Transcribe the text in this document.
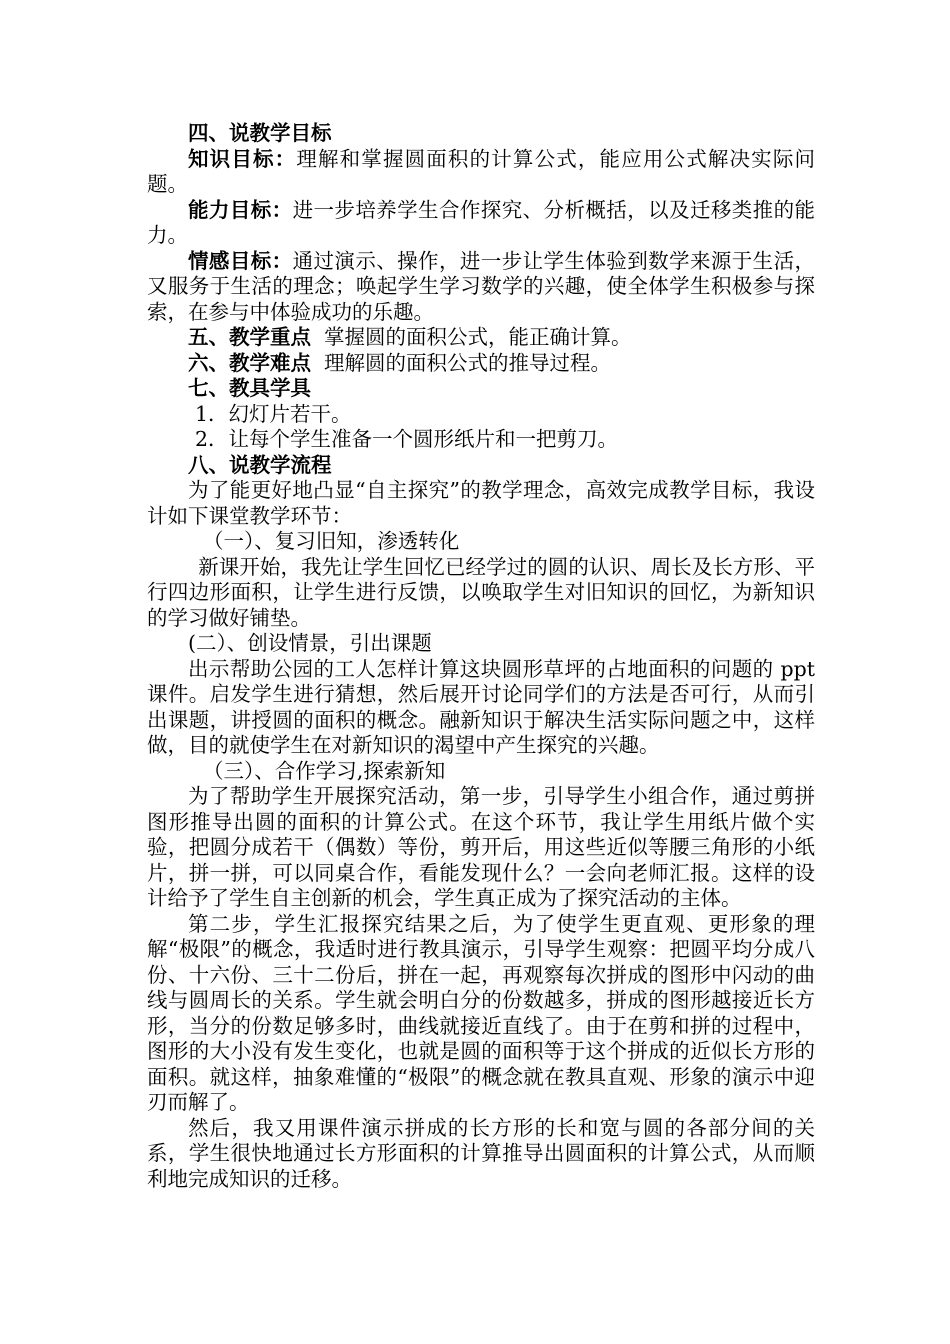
四、说教学目标

知识目标：理解和掌握圆面积的计算公式，能应用公式解决实际问题。

能力目标：进一步培养学生合作探究、分析概括，以及迁移类推的能力。

情感目标：通过演示、操作，进一步让学生体验到数学来源于生活，又服务于生活的理念；唤起学生学习数学的兴趣，使全体学生积极参与探索，在参与中体验成功的乐趣。

五、教学重点 掌握圆的面积公式，能正确计算。

六、教学难点 理解圆的面积公式的推导过程。

七、教具学具

1．幻灯片若干。

2．让每个学生准备一个圆形纸片和一把剪刀。

八、说教学流程

为了能更好地凸显“自主探究”的教学理念，高效完成教学目标，我设计如下课堂教学环节：

（一）、复习旧知，渗透转化

新课开始，我先让学生回忆已经学过的圆的认识、周长及长方形、平行四边形面积，让学生进行反馈，以唤取学生对旧知识的回忆，为新知识的学习做好铺垫。

(二）、创设情景，引出课题

出示帮助公园的工人怎样计算这块圆形草坪的占地面积的问题的 ppt 课件。启发学生进行猜想，然后展开讨论同学们的方法是否可行，从而引出课题，讲授圆的面积的概念。融新知识于解决生活实际问题之中，这样做，目的就使学生在对新知识的渴望中产生探究的兴趣。

（三）、合作学习,探索新知

为了帮助学生开展探究活动，第一步，引导学生小组合作，通过剪拼图形推导出圆的面积的计算公式。在这个环节，我让学生用纸片做个实验，把圆分成若干（偶数）等份，剪开后，用这些近似等腰三角形的小纸片，拼一拼，可以同桌合作，看能发现什么？一会向老师汇报。这样的设计给予了学生自主创新的机会，学生真正成为了探究活动的主体。

第二步，学生汇报探究结果之后，为了使学生更直观、更形象的理解“极限”的概念，我适时进行教具演示，引导学生观察：把圆平均分成八份、十六份、三十二份后，拼在一起，再观察每次拼成的图形中闪动的曲线与圆周长的关系。学生就会明白分的份数越多，拼成的图形越接近长方形，当分的份数足够多时，曲线就接近直线了。由于在剪和拼的过程中，图形的大小没有发生变化，也就是圆的面积等于这个拼成的近似长方形的面积。就这样，抽象难懂的“极限”的概念就在教具直观、形象的演示中迎刃而解了。

然后，我又用课件演示拼成的长方形的长和宽与圆的各部分间的关系，学生很快地通过长方形面积的计算推导出圆面积的计算公式，从而顺利地完成知识的迁移。
